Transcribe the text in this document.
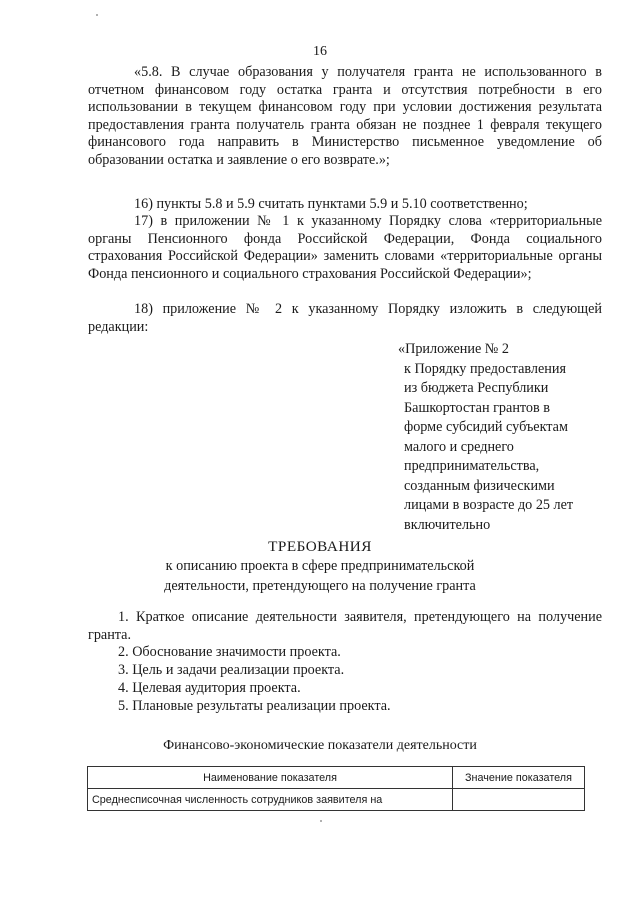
16

«5.8. В случае образования у получателя гранта не использованного в отчетном финансовом году остатка гранта и отсутствия потребности в его использовании в текущем финансовом году при условии достижения результата предоставления гранта получатель гранта обязан не позднее 1 февраля текущего финансового года направить в Министерство письменное уведомление об образовании остатка и заявление о его возврате.»;

16) пункты 5.8 и 5.9 считать пунктами 5.9 и 5.10 соответственно;

17) в приложении № 1 к указанному Порядку слова «территориальные органы Пенсионного фонда Российской Федерации, Фонда социального страхования Российской Федерации» заменить словами «территориальные органы Фонда пенсионного и социального страхования Российской Федерации»;

18) приложение № 2 к указанному Порядку изложить в следующей редакции:

«Приложение № 2
к Порядку предоставления
из бюджета Республики
Башкортостан грантов в
форме субсидий субъектам
малого и среднего
предпринимательства,
созданным физическими
лицами в возрасте до 25 лет
включительно
ТРЕБОВАНИЯ
к описанию проекта в сфере предпринимательской
деятельности, претендующего на получение гранта

1. Краткое описание деятельности заявителя, претендующего на получение гранта.

2. Обоснование значимости проекта.
3. Цель и задачи реализации проекта.
4. Целевая аудитория проекта.
5. Плановые результаты реализации проекта.
Финансово-экономические показатели деятельности
Наименование показателя	Значение показателя
Среднесписочная численность сотрудников заявителя на	
